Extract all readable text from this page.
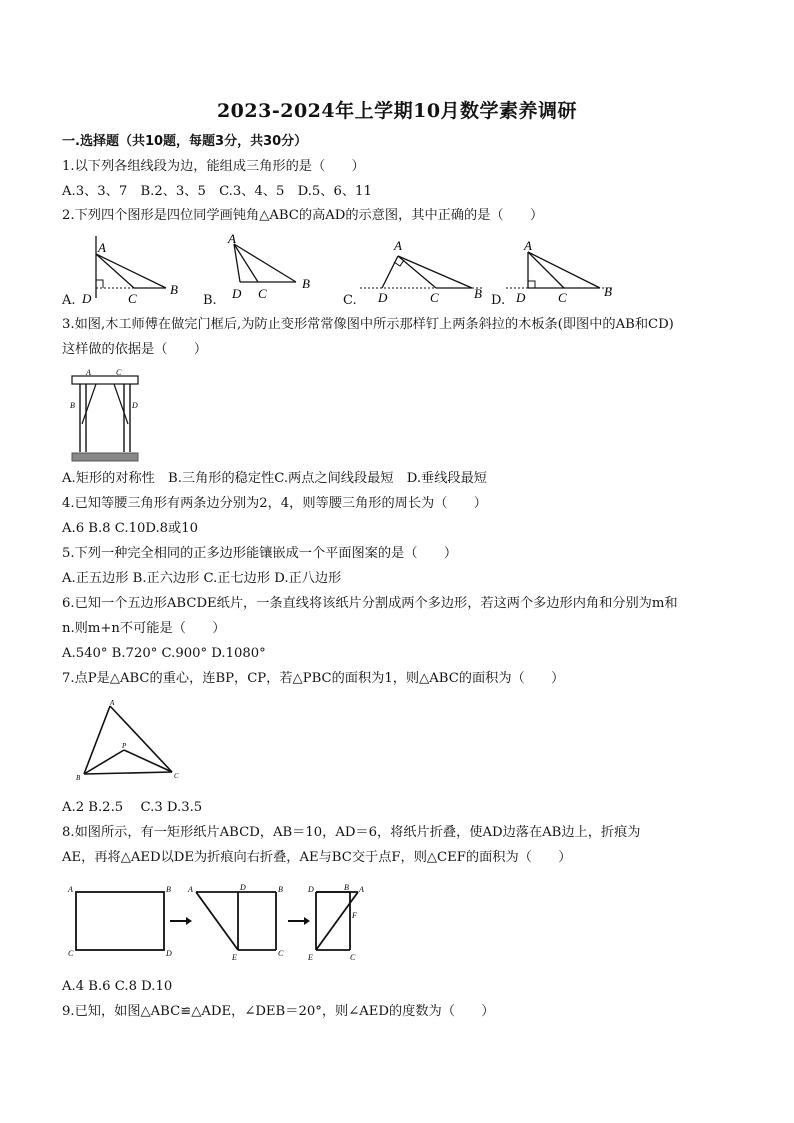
2023-2024年上学期10月数学素养调研
一.选择题（共10题，每题3分，共30分）
1.以下列各组线段为边，能组成三角形的是（　　）
A.3、3、7　B.2、3、5　C.3、4、5　D.5、6、11
2.下列四个图形是四位同学画钝角△ABC的高AD的示意图，其中正确的是（　　）
A.	B.	C.	D.
A
B
C
D
A
B
C
D
A
B
C
D
A
B
C
D
3.如图,木工师傅在做完门框后,为防止变形常常像图中所示那样钉上两条斜拉的木板条(即图中的AB和CD)
这样做的依据是（　　）
A	C
B	D
A.矩形的对称性　B.三角形的稳定性C.两点之间线段最短　D.垂线段最短
4.已知等腰三角形有两条边分别为2，4，则等腰三角形的周长为（　　）
A.6 B.8 C.10D.8或10
5.下列一种完全相同的正多边形能镶嵌成一个平面图案的是（　　）
A.正五边形 B.正六边形 C.正七边形 D.正八边形
6.已知一个五边形ABCDE纸片，一条直线将该纸片分割成两个多边形，若这两个多边形内角和分别为m和
n.则m+n不可能是（　　）
A.540° B.720° C.900° D.1080°
7.点P是△ABC的重心，连BP，CP，若△PBC的面积为1，则△ABC的面积为（　　）
A
P
B	C
A.2 B.2.5　 C.3 D.3.5
8.如图所示，有一矩形纸片ABCD，AB＝10，AD＝6，将纸片折叠，使AD边落在AB边上，折痕为
AE，再将△AED以DE为折痕向右折叠，AE与BC交于点F，则△CEF的面积为（　　）
A	B
C	D
A	D	B
E	C
D	B A
F
E	C
A.4 B.6 C.8 D.10
9.已知，如图△ABC≌△ADE，∠DEB＝20°，则∠AED的度数为（　　）
